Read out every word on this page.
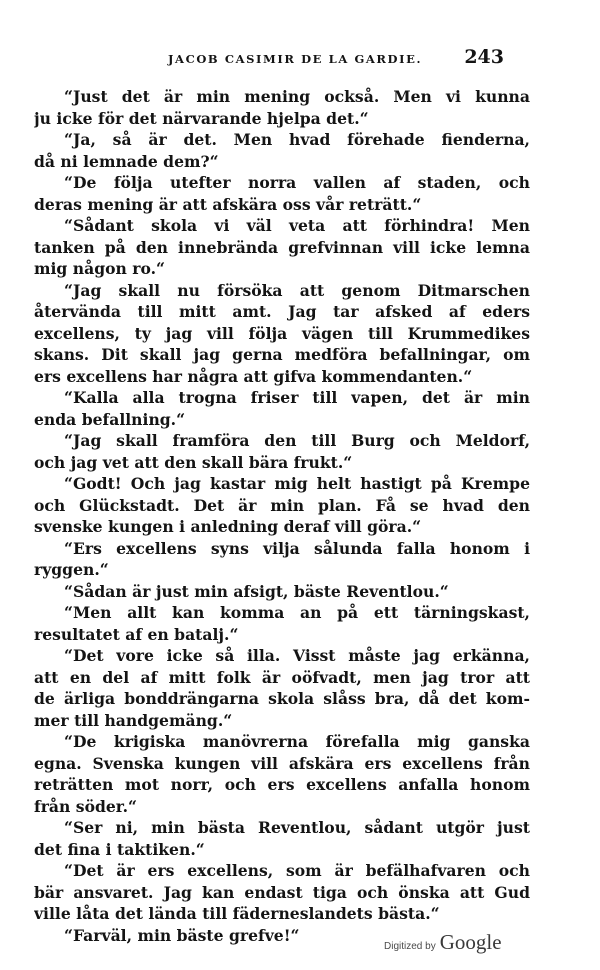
JACOB CASIMIR DE LA GARDIE. 243
“Just det är min mening också. Men vi kunna
ju icke för det närvarande hjelpa det.“
“Ja, så är det. Men hvad förehade fienderna,
då ni lemnade dem?“
“De följa utefter norra vallen af staden, och
deras mening är att afskära oss vår reträtt.“
“Sådant skola vi väl veta att förhindra! Men
tanken på den innebrända grefvinnan vill icke lemna
mig någon ro.“
“Jag skall nu försöka att genom Ditmarschen
återvända till mitt amt. Jag tar afsked af eders
excellens, ty jag vill följa vägen till Krummedikes
skans. Dit skall jag gerna medföra befallningar, om
ers excellens har några att gifva kommendanten.“
“Kalla alla trogna friser till vapen, det är min
enda befallning.“
“Jag skall framföra den till Burg och Meldorf,
och jag vet att den skall bära frukt.“
“Godt! Och jag kastar mig helt hastigt på Krempe
och Glückstadt. Det är min plan. Få se hvad den
svenske kungen i anledning deraf vill göra.“
“Ers excellens syns vilja sålunda falla honom i
ryggen.“
“Sådan är just min afsigt, bäste Reventlou.“
“Men allt kan komma an på ett tärningskast,
resultatet af en batalj.“
“Det vore icke så illa. Visst måste jag erkänna,
att en del af mitt folk är oöfvadt, men jag tror att
de ärliga bonddrängarna skola slåss bra, då det kom-
mer till handgemäng.“
“De krigiska manövrerna förefalla mig ganska
egna. Svenska kungen vill afskära ers excellens från
reträtten mot norr, och ers excellens anfalla honom
från söder.“
“Ser ni, min bästa Reventlou, sådant utgör just
det fina i taktiken.“
“Det är ers excellens, som är befälhafvaren och
bär ansvaret. Jag kan endast tiga och önska att Gud
ville låta det lända till fäderneslandets bästa.“
“Farväl, min bäste grefve!“
Digitized by Google
